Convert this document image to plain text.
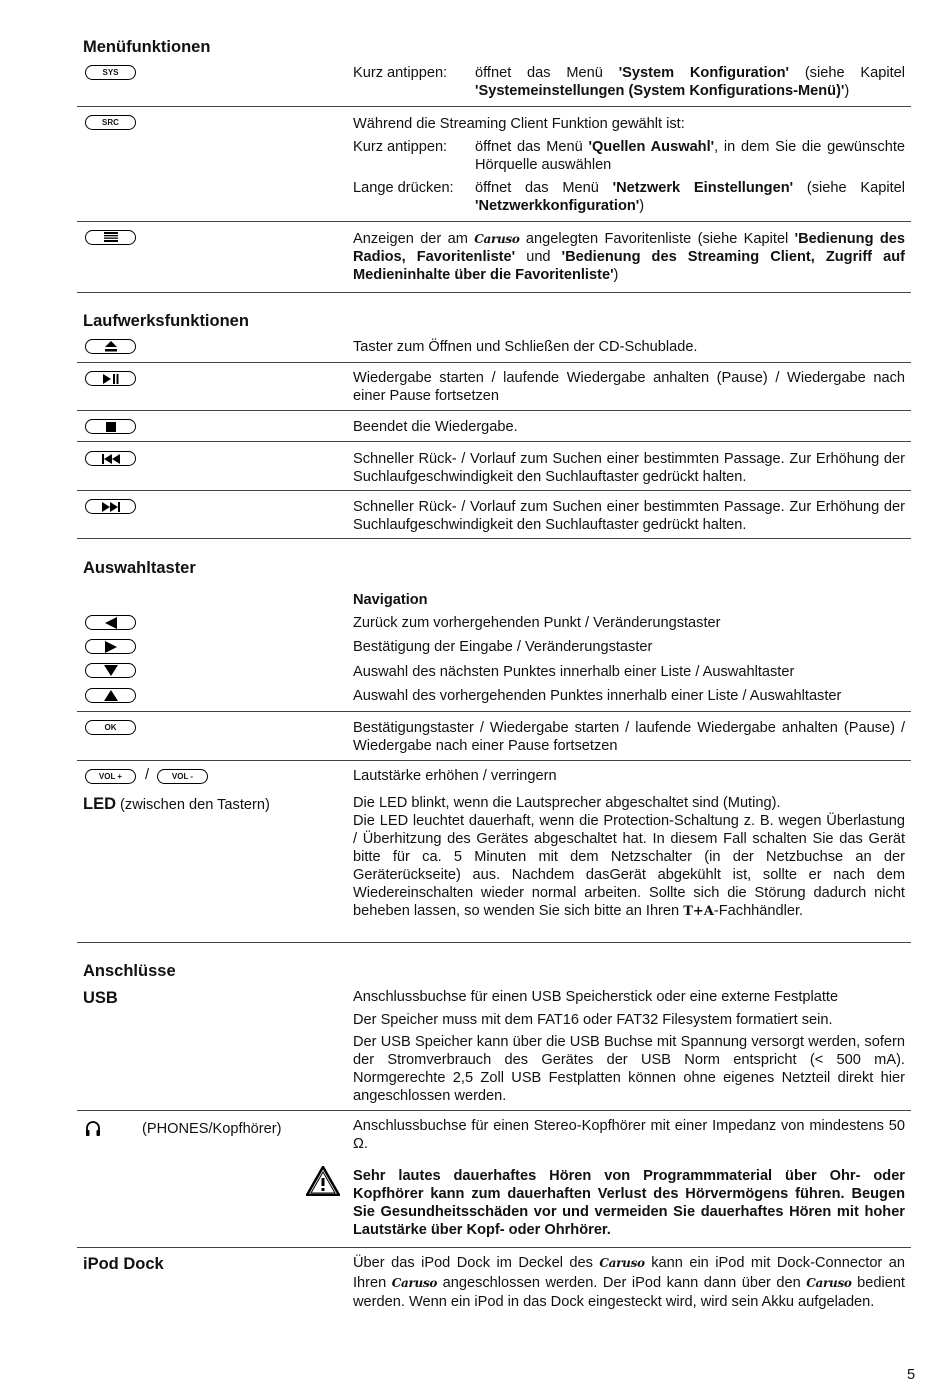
Menüfunktionen
SYS	Kurz antippen: öffnet das Menü 'System Konfiguration' (siehe Kapitel 'Systemeinstellungen (System Konfigurations-Menü)')
SRC	Während die Streaming Client Funktion gewählt ist:
Kurz antippen: öffnet das Menü 'Quellen Auswahl', in dem Sie die gewünschte Hörquelle auswählen
Lange drücken: öffnet das Menü 'Netzwerk Einstellungen' (siehe Kapitel 'Netzwerkkonfiguration')
Anzeigen der am Caruso angelegten Favoritenliste (siehe Kapitel 'Bedienung des Radios, Favoritenliste' und 'Bedienung des Streaming Client, Zugriff auf Medieninhalte über die Favoritenliste')
Laufwerksfunktionen
Taster zum Öffnen und Schließen der CD-Schublade.
Wiedergabe starten / laufende Wiedergabe anhalten (Pause) / Wiedergabe nach einer Pause fortsetzen
Beendet die Wiedergabe.
Schneller Rück- / Vorlauf zum Suchen einer bestimmten Passage. Zur Erhöhung der Suchlaufgeschwindigkeit den Suchlauftaster gedrückt halten.
Schneller Rück- / Vorlauf zum Suchen einer bestimmten Passage. Zur Erhöhung der Suchlaufgeschwindigkeit den Suchlauftaster gedrückt halten.
Auswahltaster
Navigation
Zurück zum vorhergehenden Punkt / Veränderungstaster
Bestätigung der Eingabe / Veränderungstaster
Auswahl des nächsten Punktes innerhalb einer Liste / Auswahltaster
Auswahl des vorhergehenden Punktes innerhalb einer Liste / Auswahltaster
OK	Bestätigungstaster / Wiedergabe starten / laufende Wiedergabe anhalten (Pause) / Wiedergabe nach einer Pause fortsetzen
VOL +	/	VOL -	Lautstärke erhöhen / verringern
LED (zwischen den Tastern)	Die LED blinkt, wenn die Lautsprecher abgeschaltet sind (Muting).
Die LED leuchtet dauerhaft, wenn die Protection-Schaltung z. B. wegen Überlastung / Überhitzung des Gerätes abgeschaltet hat. In diesem Fall schalten Sie das Gerät bitte für ca. 5 Minuten mit dem Netzschalter (in der Netzbuchse an der Geräterückseite) aus. Nachdem dasGerät abgekühlt ist, sollte er nach dem Wiedereinschalten wieder normal arbeiten. Sollte sich die Störung dadurch nicht beheben lassen, so wenden Sie sich bitte an Ihren T+A-Fachhändler.
Anschlüsse
USB	Anschlussbuchse für einen USB Speicherstick oder eine externe Festplatte
Der Speicher muss mit dem FAT16 oder FAT32 Filesystem formatiert sein.
Der USB Speicher kann über die USB Buchse mit Spannung versorgt werden, sofern der Stromverbrauch des Gerätes der USB Norm entspricht (< 500 mA). Normgerechte 2,5 Zoll USB Festplatten können ohne eigenes Netzteil direkt hier angeschlossen werden.
(PHONES/Kopfhörer)	Anschlussbuchse für einen Stereo-Kopfhörer mit einer Impedanz von mindestens 50 Ω.
Sehr lautes dauerhaftes Hören von Programmmaterial über Ohr- oder Kopfhörer kann zum dauerhaften Verlust des Hörvermögens führen. Beugen Sie Gesundheitsschäden vor und vermeiden Sie dauerhaftes Hören mit hoher Lautstärke über Kopf- oder Ohrhörer.
iPod Dock	Über das iPod Dock im Deckel des Caruso kann ein iPod mit Dock-Connector an Ihren Caruso angeschlossen werden. Der iPod kann dann über den Caruso bedient werden. Wenn ein iPod in das Dock eingesteckt wird, wird sein Akku aufgeladen.
5
